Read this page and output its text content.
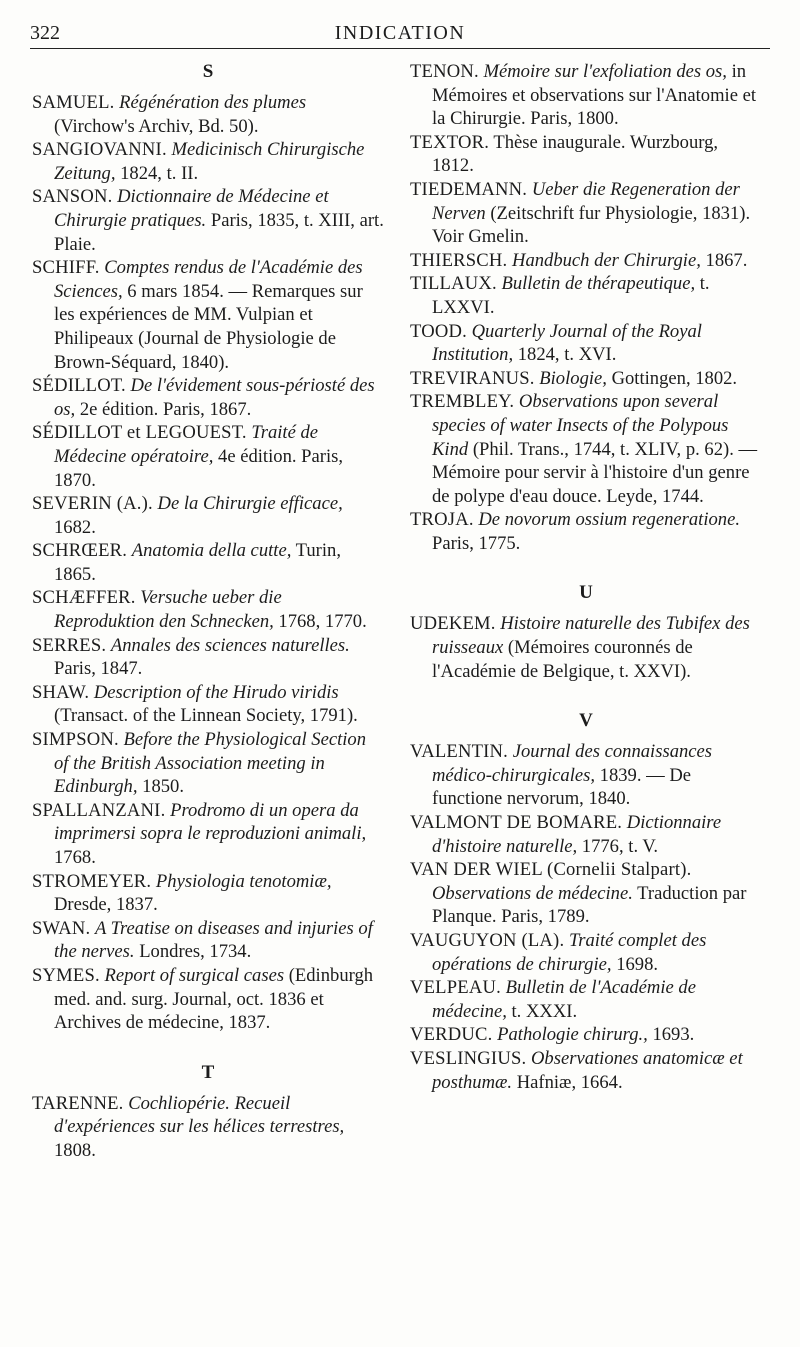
322	INDICATION
S

SAMUEL. Régénération des plumes (Virchow's Archiv, Bd. 50).

SANGIOVANNI. Medicinisch Chirurgische Zeitung, 1824, t. II.

SANSON. Dictionnaire de Médecine et Chirurgie pratiques. Paris, 1835, t. XIII, art. Plaie.

SCHIFF. Comptes rendus de l'Académie des Sciences, 6 mars 1854. — Remarques sur les expériences de MM. Vulpian et Philipeaux (Journal de Physiologie de Brown-Séquard, 1840).

SÉDILLOT. De l'évidement sous-périosté des os, 2e édition. Paris, 1867.

SÉDILLOT et LEGOUEST. Traité de Médecine opératoire, 4e édition. Paris, 1870.

SEVERIN (A.). De la Chirurgie efficace, 1682.

SCHRŒER. Anatomia della cutte, Turin, 1865.

SCHÆFFER. Versuche ueber die Reproduktion den Schnecken, 1768, 1770.

SERRES. Annales des sciences naturelles. Paris, 1847.

SHAW. Description of the Hirudo viridis (Transact. of the Linnean Society, 1791).

SIMPSON. Before the Physiological Section of the British Association meeting in Edinburgh, 1850.

SPALLANZANI. Prodromo di un opera da imprimersi sopra le reproduzioni animali, 1768.

STROMEYER. Physiologia tenotomiæ, Dresde, 1837.

SWAN. A Treatise on diseases and injuries of the nerves. Londres, 1734.

SYMES. Report of surgical cases (Edinburgh med. and. surg. Journal, oct. 1836 et Archives de médecine, 1837.

T

TARENNE. Cochliopérie. Recueil d'expériences sur les hélices terrestres, 1808.

TENON. Mémoire sur l'exfoliation des os, in Mémoires et observations sur l'Anatomie et la Chirurgie. Paris, 1800.

TEXTOR. Thèse inaugurale. Wurzbourg, 1812.

TIEDEMANN. Ueber die Regeneration der Nerven (Zeitschrift fur Physiologie, 1831). Voir Gmelin.

THIERSCH. Handbuch der Chirurgie, 1867.

TILLAUX. Bulletin de thérapeutique, t. LXXVI.

TOOD. Quarterly Journal of the Royal Institution, 1824, t. XVI.

TREVIRANUS. Biologie, Gottingen, 1802.

TREMBLEY. Observations upon several species of water Insects of the Polypous Kind (Phil. Trans., 1744, t. XLIV, p. 62). — Mémoire pour servir à l'histoire d'un genre de polype d'eau douce. Leyde, 1744.

TROJA. De novorum ossium regeneratione. Paris, 1775.

U

UDEKEM. Histoire naturelle des Tubifex des ruisseaux (Mémoires couronnés de l'Académie de Belgique, t. XXVI).

V

VALENTIN. Journal des connaissances médico-chirurgicales, 1839. — De functione nervorum, 1840.

VALMONT DE BOMARE. Dictionnaire d'histoire naturelle, 1776, t. V.

VAN DER WIEL (Cornelii Stalpart). Observations de médecine. Traduction par Planque. Paris, 1789.

VAUGUYON (LA). Traité complet des opérations de chirurgie, 1698.

VELPEAU. Bulletin de l'Académie de médecine, t. XXXI.

VERDUC. Pathologie chirurg., 1693.

VESLINGIUS. Observationes anatomicæ et posthumæ. Hafniæ, 1664.
